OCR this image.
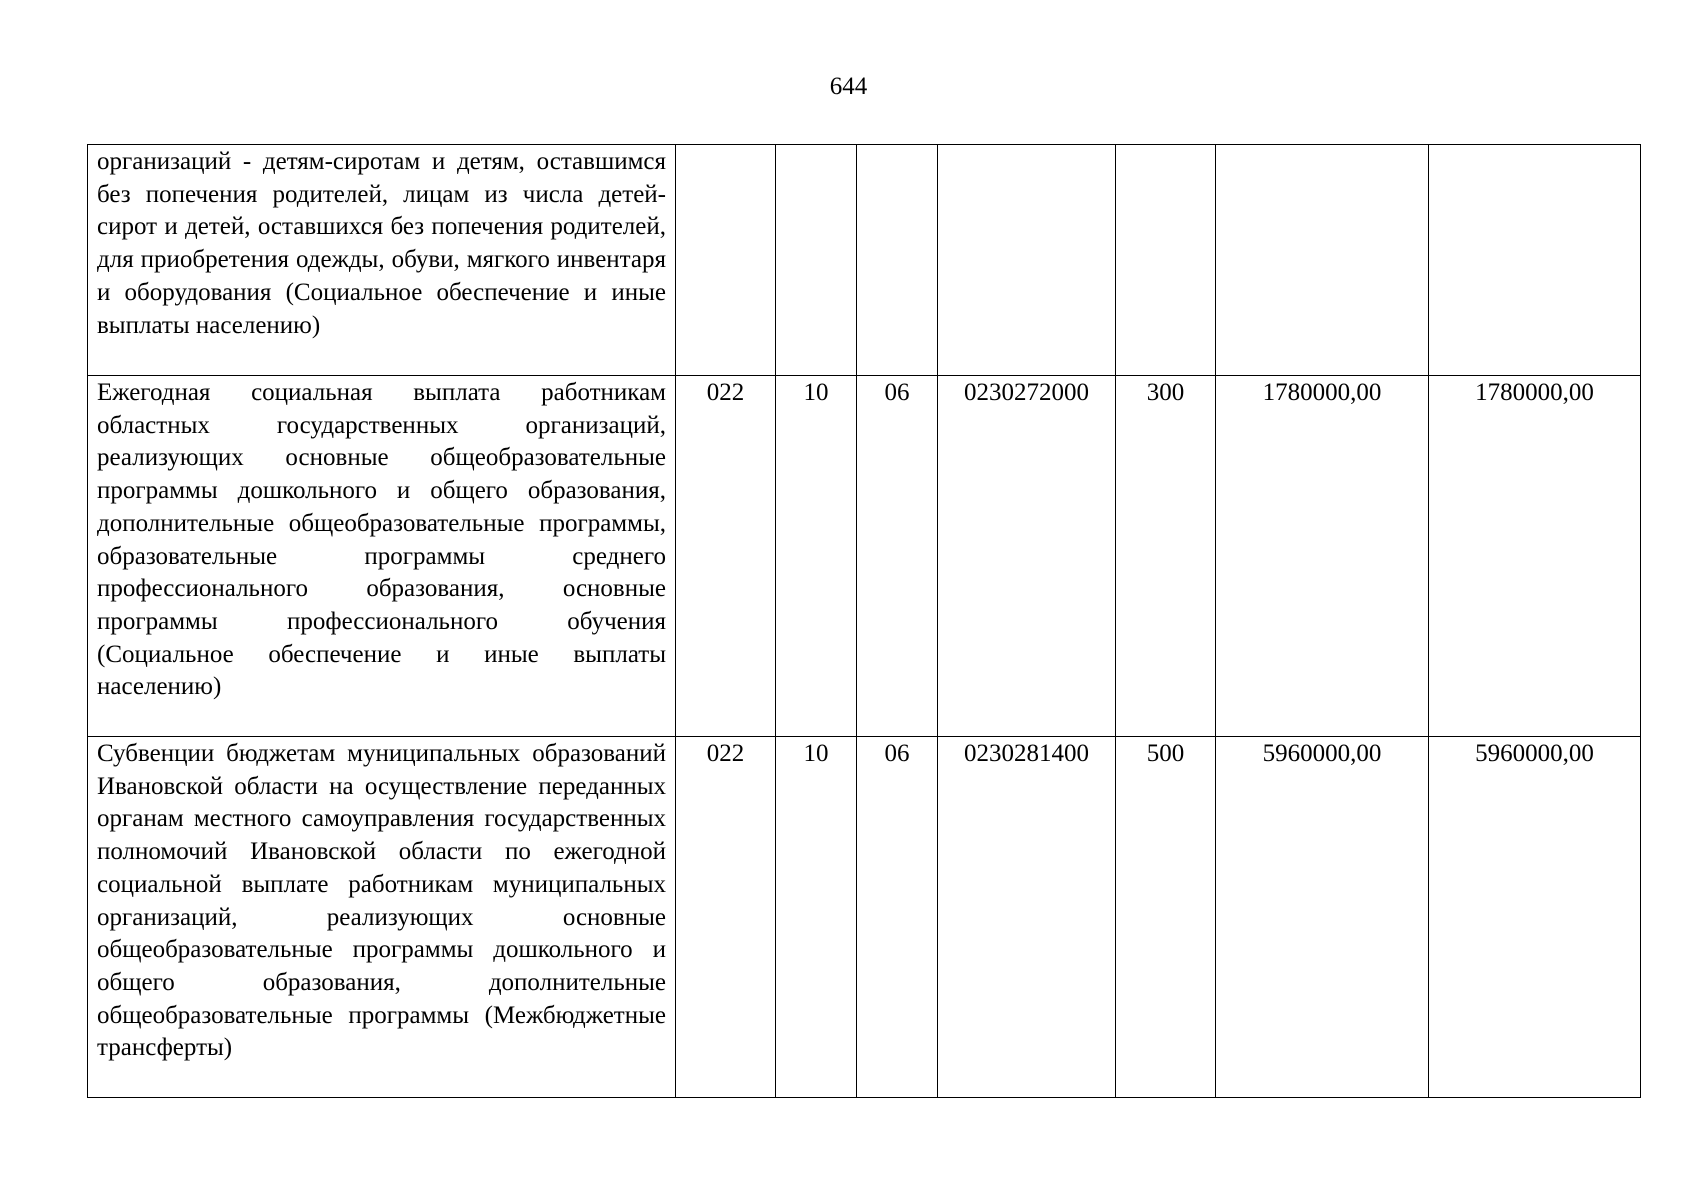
644
организаций - детям-сиротам и детям, оставшимся без попечения родителей, лицам из числа детей-сирот и детей, оставшихся без попечения родителей, для приобретения одежды, обуви, мягкого инвентаря и оборудования (Социальное обеспечение и иные выплаты населению)							
Ежегодная социальная выплата работникам областных государственных организаций, реализующих основные общеобразовательные программы дошкольного и общего образования, дополнительные общеобразовательные программы, образовательные программы среднего профессионального образования, основные программы профессионального обучения (Социальное обеспечение и иные выплаты населению)	022	10	06	0230272000	300	1780000,00	1780000,00
Субвенции бюджетам муниципальных образований Ивановской области на осуществление переданных органам местного самоуправления государственных полномочий Ивановской области по ежегодной социальной выплате работникам муниципальных организаций, реализующих основные общеобразовательные программы дошкольного и общего образования, дополнительные общеобразовательные программы (Межбюджетные трансферты)	022	10	06	0230281400	500	5960000,00	5960000,00
